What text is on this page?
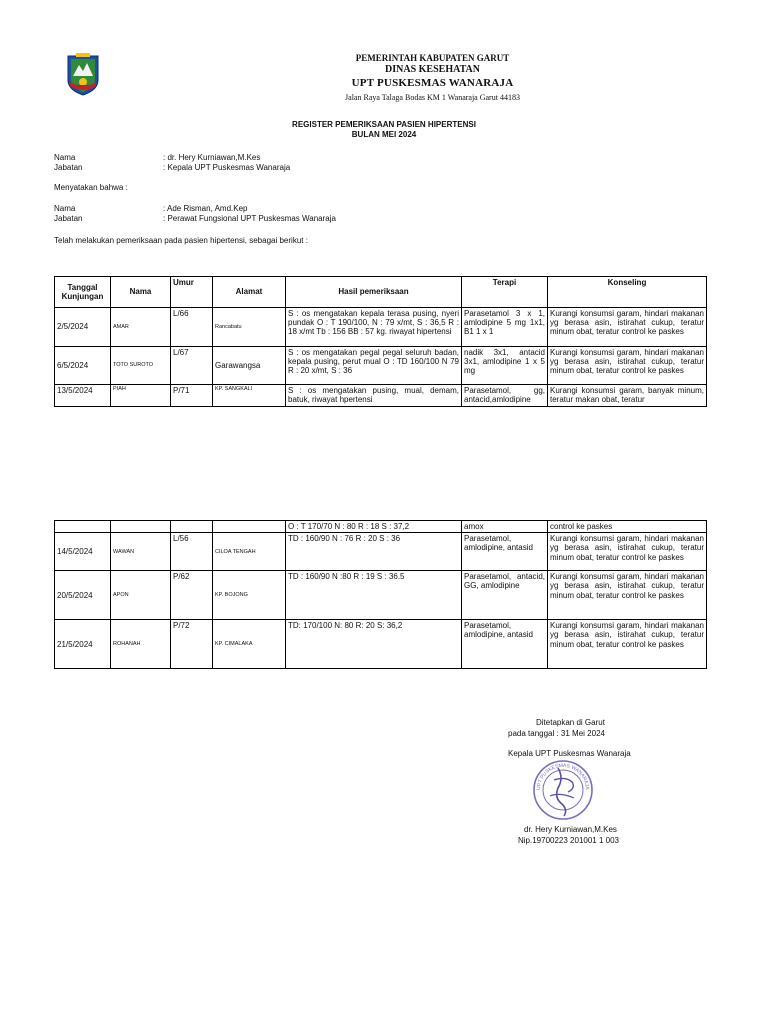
PEMERINTAH KABUPATEN GARUT
DINAS KESEHATAN
UPT PUSKESMAS WANARAJA
Jalan Raya Talaga Bodas KM 1 Wanaraja Garut 44183
REGISTER PEMERIKSAAN PASIEN HIPERTENSI
BULAN MEI 2024
Nama	: dr. Hery Kurniawan,M.Kes
Jabatan	: Kepala UPT Puskesmas Wanaraja
Menyatakan bahwa :
Nama	: Ade Risman, Amd.Kep
Jabatan	: Perawat Fungsional UPT Puskesmas Wanaraja
Telah melakukan pemeriksaan pada pasien hipertensi, sebagai berikut :
Tanggal Kunjungan	Nama	Umur	Alamat	Hasil pemeriksaan	Terapi	Konseling
2/5/2024	AMAR	L/66	Rancabatu	S : os mengatakan kepala terasa pusing, nyeri pundak O : T 190/100, N : 79 x/mt, S : 36,5 R : 18 x/mt Tb : 156 BB : 57 kg. riwayat hipertensi	Parasetamol 3 x 1, amlodipine 5 mg 1x1, B1 1 x 1	Kurangi konsumsi garam, hindari makanan yg berasa asin, istirahat cukup, teratur minum obat, teratur control ke paskes
6/5/2024	TOTO SUROTO	L/67	Garawangsa	S : os mengatakan pegal pegal seluruh badan, kepala pusing, perut mual O : TD 160/100 N 79 R : 20 x/mt, S : 36	nadik 3x1, antacid 3x1, amlodipine 1 x 5 mg	Kurangi konsumsi garam, hindari makanan yg berasa asin, istirahat cukup, teratur minum obat, teratur control ke paskes
13/5/2024	PIAH	P/71	KP. SANGKALI	S : os mengatakan pusing, mual, demam, batuk, riwayat hpertensi	Parasetamol, gg, antacid,amlodipine	Kurangi konsumsi garam, banyak minum, teratur makan obat, teratur
				O : T 170/70 N : 80 R : 18 S : 37,2	amox	control ke paskes
14/5/2024	WAWAN	L/56	CILOA TENGAH	TD : 160/90 N : 76 R : 20 S : 36	Parasetamol, amlodipine, antasid	Kurangi konsumsi garam, hindari makanan yg berasa asin, istirahat cukup, teratur minum obat, teratur control ke paskes
20/5/2024	APON	P/62	KP. BOJONG	TD : 160/90 N :80 R : 19 S : 36.5	Parasetamol, antacid, GG, amlodipine	Kurangi konsumsi garam, hindari makanan yg berasa asin, istirahat cukup, teratur minum obat, teratur control ke paskes
21/5/2024	ROHANAH	P/72	KP. CIMALAKA	TD: 170/100 N: 80 R: 20 S: 36,2	Parasetamol, amlodipine, antasid	Kurangi konsumsi garam, hindari makanan yg berasa asin, istirahat cukup, teratur minum obat, teratur control ke paskes
Ditetapkan di Garut
pada tanggal : 31 Mei 2024
Kepala UPT Puskesmas Wanaraja
UPT PUSKESMAS WANARAJA
dr. Hery Kurniawan,M.Kes
Nip.19700223 201001 1 003
